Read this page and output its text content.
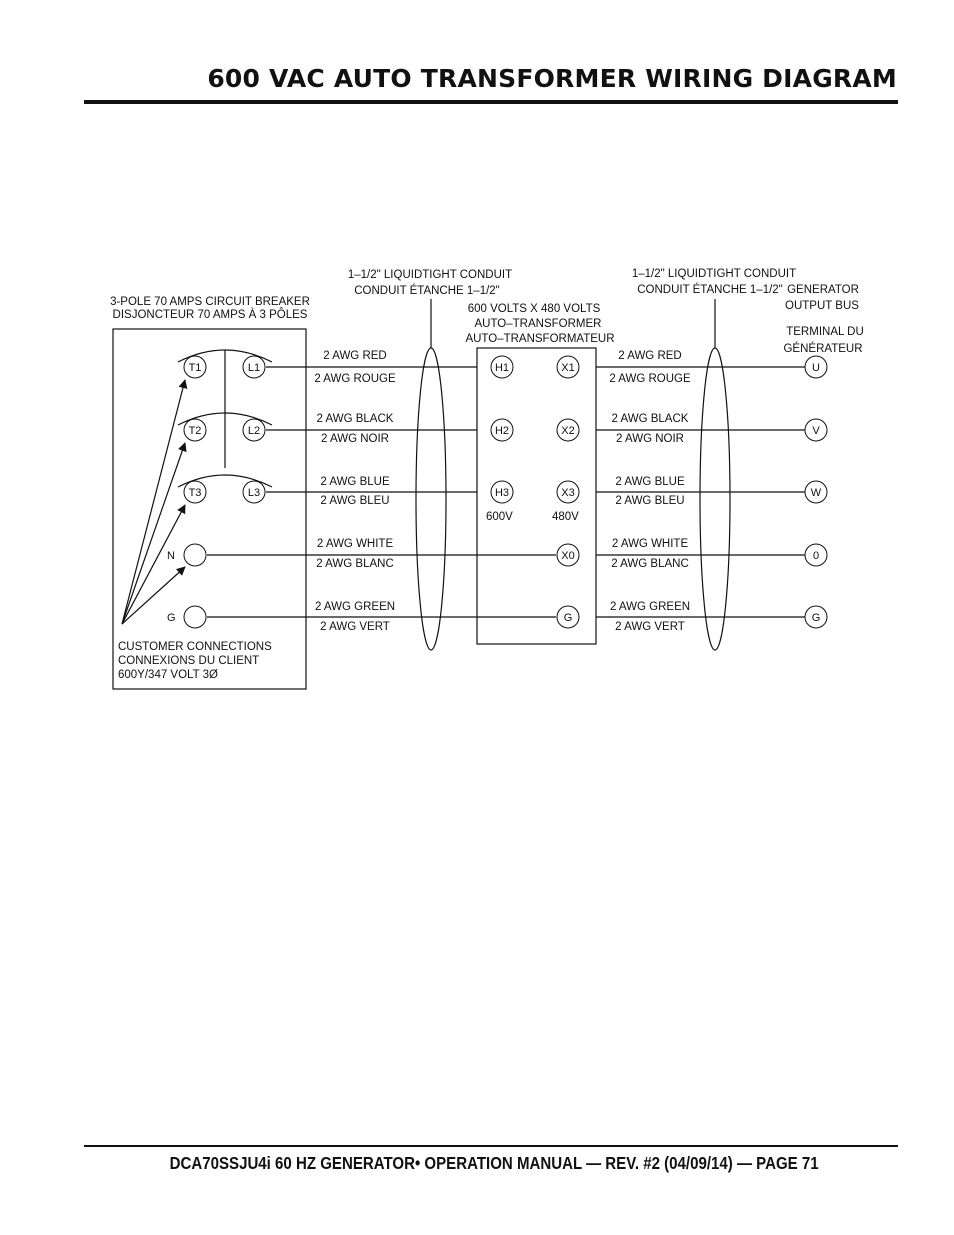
600 VAC AUTO TRANSFORMER WIRING DIAGRAM
T1
T2
T3
L1
L2
L3
N
G
H1
H2
H3
X1
X2
X3
X0
G
U
V
W
0
G
3-POLE 70 AMPS CIRCUIT BREAKER
DISJONCTEUR 70 AMPS À 3 PÔLES
CUSTOMER CONNECTIONS
CONNEXIONS DU CLIENT
600Y/347 VOLT 3Ø
1–1/2" LIQUIDTIGHT CONDUIT
CONDUIT ÉTANCHE 1–1/2"
1–1/2" LIQUIDTIGHT CONDUIT
CONDUIT ÉTANCHE 1–1/2"
600 VOLTS X 480 VOLTS
AUTO–TRANSFORMER
AUTO–TRANSFORMATEUR
600V	480V
GENERATOR
OUTPUT BUS
TERMINAL DU
GÉNÉRATEUR
2 AWG RED
2 AWG ROUGE
2 AWG BLACK
2 AWG NOIR
2 AWG BLUE
2 AWG BLEU
2 AWG WHITE
2 AWG BLANC
2 AWG GREEN
2 AWG VERT
2 AWG RED
2 AWG ROUGE
2 AWG BLACK
2 AWG NOIR
2 AWG BLUE
2 AWG BLEU
2 AWG WHITE
2 AWG BLANC
2 AWG GREEN
2 AWG VERT

DCA70SSJU4i 60 HZ GENERATOR• OPERATION MANUAL — REV. #2 (04/09/14) — PAGE 71
